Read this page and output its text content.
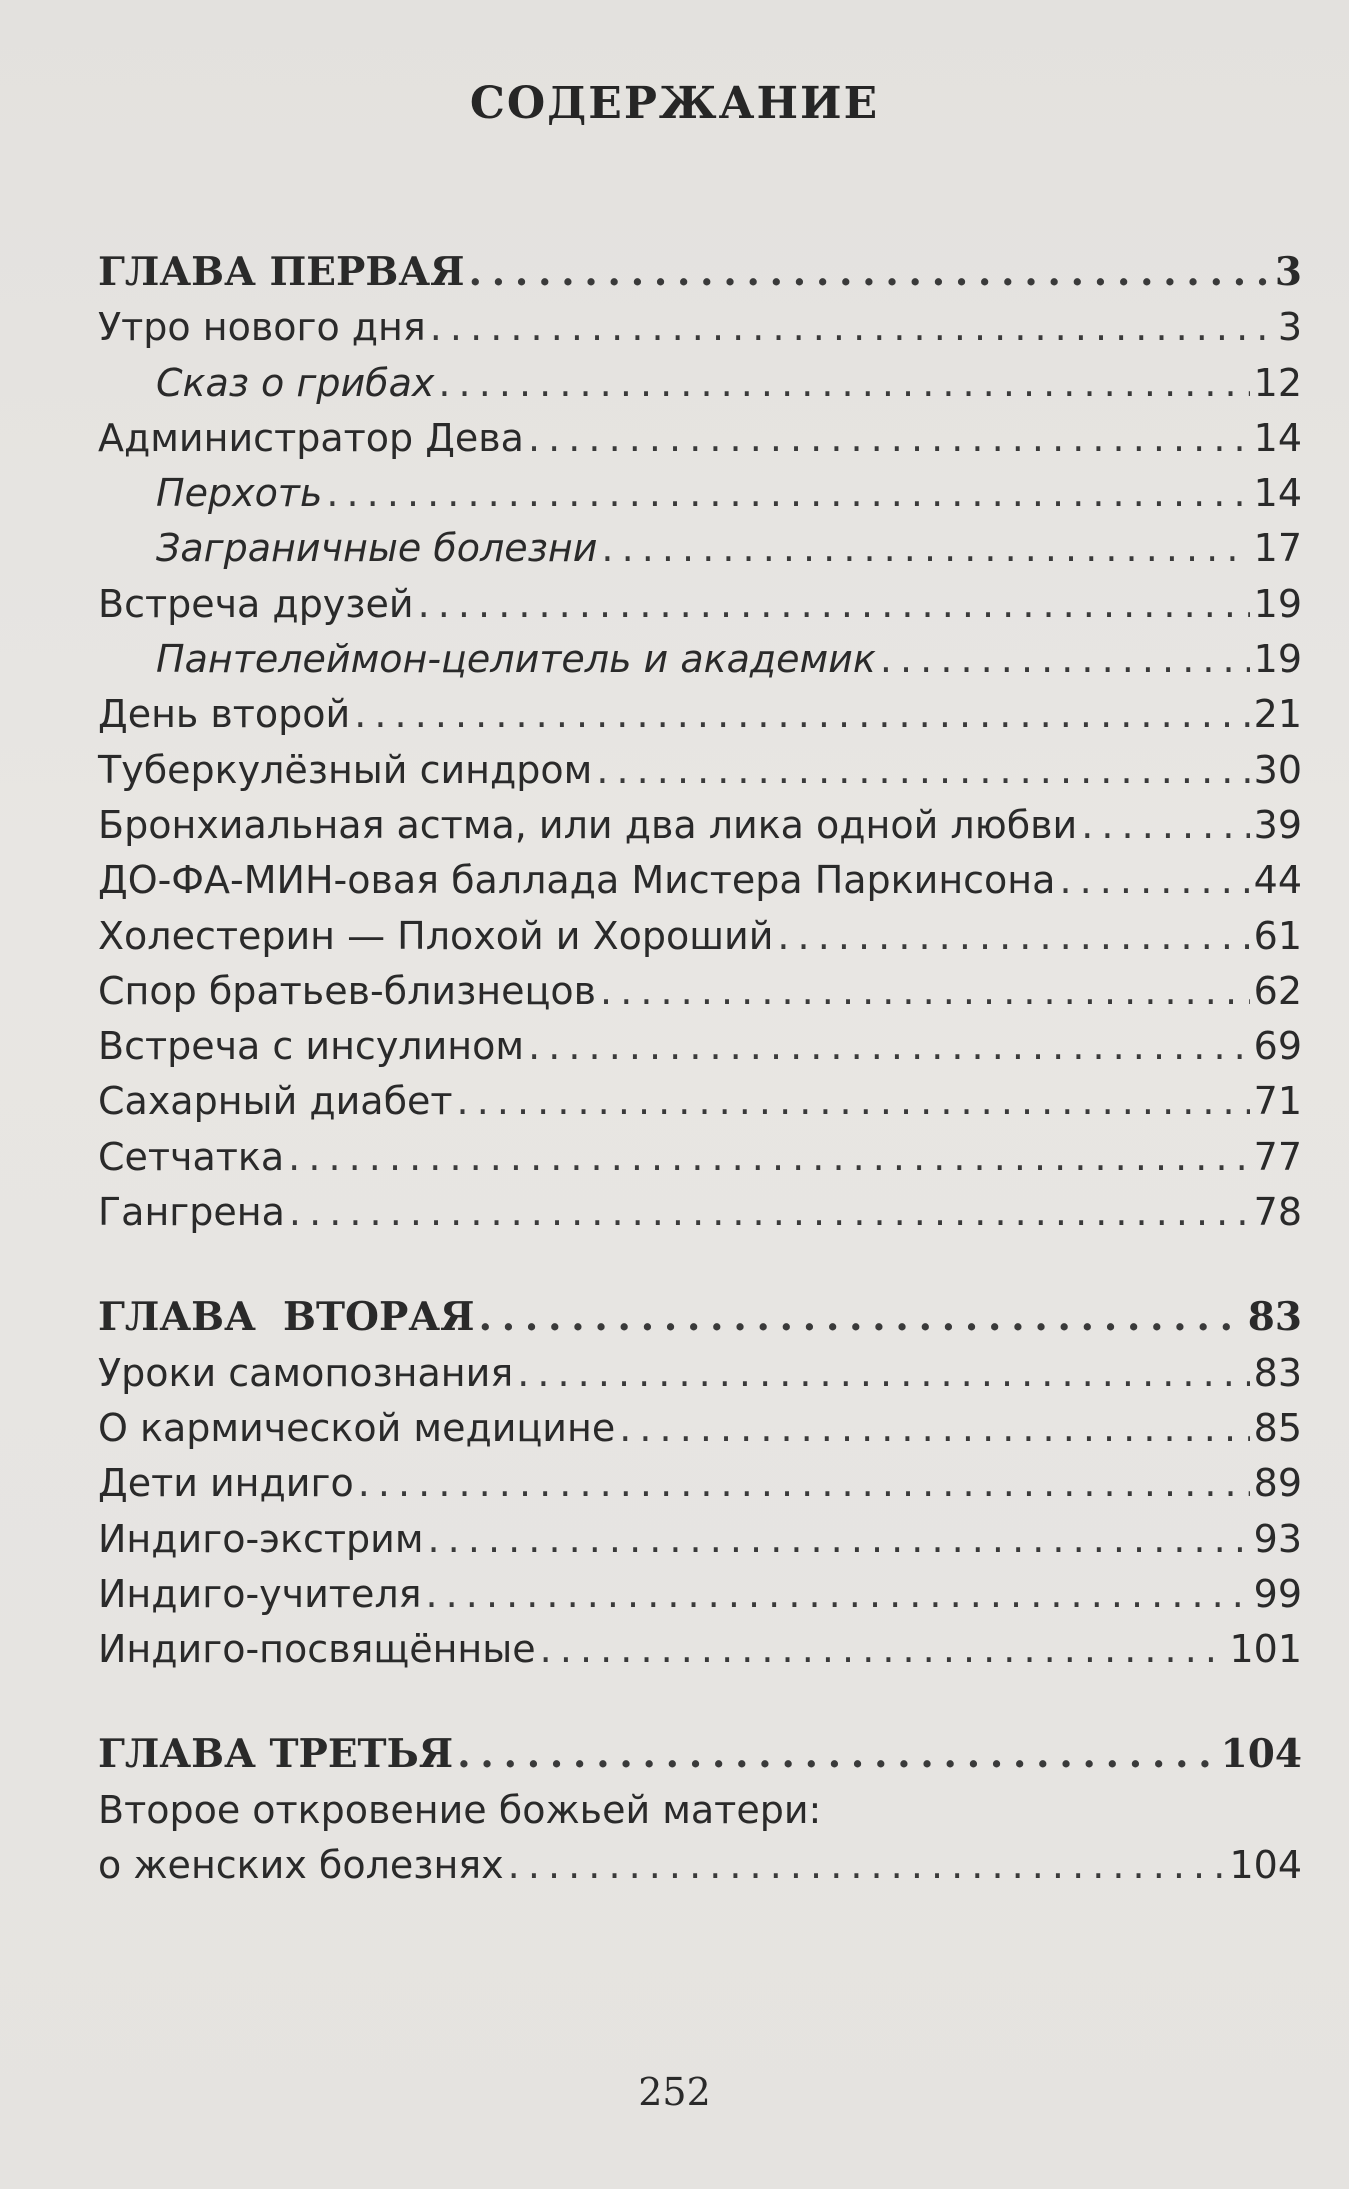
СОДЕРЖАНИЕ
ГЛАВА ПЕРВАЯ . . .	3
Утро нового дня . . .	3
Сказ о грибах . . .	12
Администратор Дева . . .	14
Перхоть . . .	14
Заграничные болезни . . .	17
Встреча друзей . . .	19
Пантелеймон-целитель и академик . . .	19
День второй . . .	21
Туберкулёзный синдром . . .	30
Бронхиальная астма, или два лика одной любви . . .	39
ДО-ФА-МИН-овая баллада Мистера Паркинсона . . .	44
Холестерин — Плохой и Хороший . . .	61
Спор братьев-близнецов . . .	62
Встреча с инсулином . . .	69
Сахарный диабет . . .	71
Сетчатка . . .	77
Гангрена . . .	78
ГЛАВА  ВТОРАЯ . . .	83
Уроки самопознания . . .	83
О кармической медицине . . .	85
Дети индиго . . .	89
Индиго-экстрим . . .	93
Индиго-учителя . . .	99
Индиго-посвящённые . . .	101
ГЛАВА ТРЕТЬЯ . . .	104
Второе откровение божьей матери:
о женских болезнях . . .	104
252
